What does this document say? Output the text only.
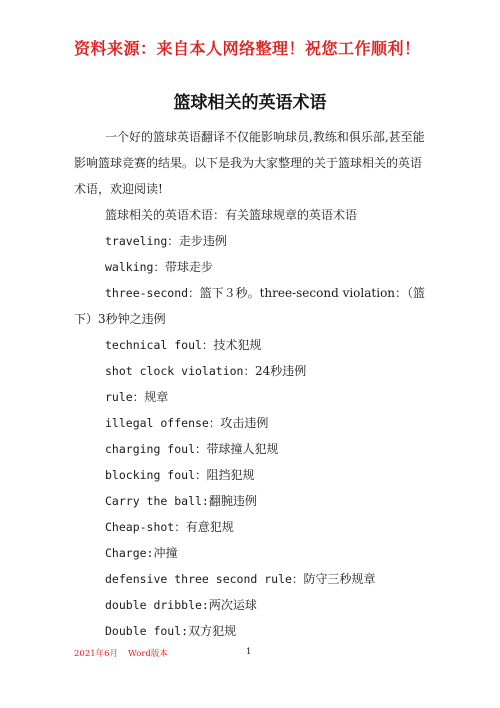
资料来源：来自本人网络整理！祝您工作顺利！
篮球相关的英语术语

一个好的篮球英语翻译不仅能影响球员,教练和俱乐部,甚至能影响篮球竞赛的结果。以下是我为大家整理的关于篮球相关的英语术语，欢迎阅读!

篮球相关的英语术语：有关篮球规章的英语术语

traveling：走步违例

walking：带球走步

three-second：篮下３秒。three-second violation：（篮下）3秒钟之违例

technical foul：技术犯规

shot clock violation：24秒违例

rule：规章

illegal offense：攻击违例

charging foul：带球撞人犯规

blocking foul：阻挡犯规

Carry the ball:翻腕违例

Cheap-shot：有意犯规

Charge:冲撞

defensive three second rule：防守三秒规章

double dribble:两次运球

Double foul:双方犯规

2021年6月 Word版本	1
